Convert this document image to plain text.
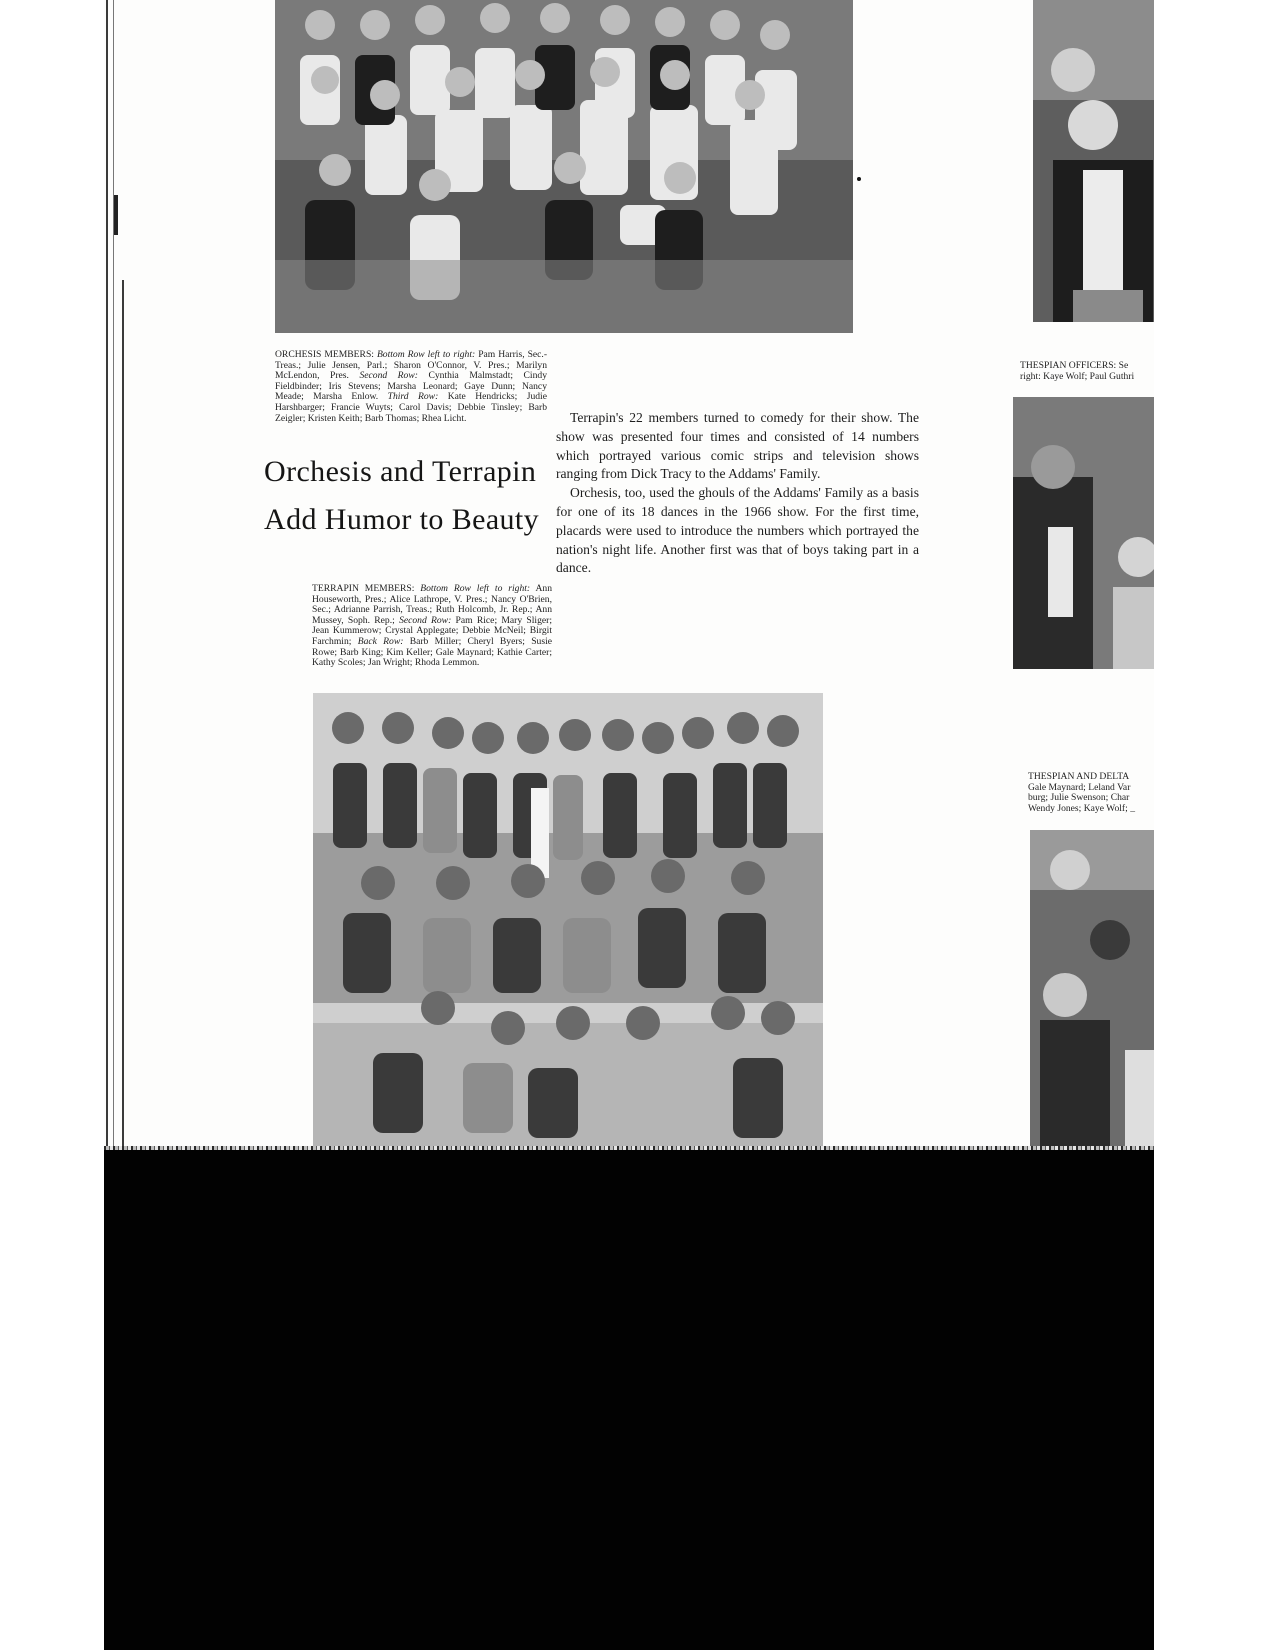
ORCHESIS MEMBERS: Bottom Row left to right: Pam Harris, Sec.-Treas.; Julie Jensen, Parl.; Sharon O'Connor, V. Pres.; Marilyn McLendon, Pres. Second Row: Cynthia Malmstadt; Cindy Fieldbinder; Iris Stevens; Marsha Leonard; Gaye Dunn; Nancy Meade; Marsha Enlow. Third Row: Kate Hendricks; Judie Harshbarger; Francie Wuyts; Carol Davis; Debbie Tinsley; Barb Zeigler; Kristen Keith; Barb Thomas; Rhea Licht.
Orchesis and Terrapin
Add Humor to Beauty

Terrapin's 22 members turned to comedy for their show. The show was presented four times and consisted of 14 numbers which portrayed various comic strips and television shows ranging from Dick Tracy to the Addams' Family.

Orchesis, too, used the ghouls of the Addams' Family as a basis for one of its 18 dances in the 1966 show. For the first time, placards were used to introduce the numbers which portrayed the nation's night life. Another first was that of boys taking part in a dance.

TERRAPIN MEMBERS: Bottom Row left to right: Ann Houseworth, Pres.; Alice Lathrope, V. Pres.; Nancy O'Brien, Sec.; Adrianne Parrish, Treas.; Ruth Holcomb, Jr. Rep.; Ann Mussey, Soph. Rep.; Second Row: Pam Rice; Mary Sliger; Jean Kummerow; Crystal Applegate; Debbie McNeil; Birgit Farchmin; Back Row: Barb Miller; Cheryl Byers; Susie Rowe; Barb King; Kim Keller; Gale Maynard; Kathie Carter; Kathy Scoles; Jan Wright; Rhoda Lemmon.
THESPIAN OFFICERS: Se
right: Kaye Wolf; Paul Guthri
THESPIAN AND DELTA
Gale Maynard; Leland Var
burg; Julie Swenson; Char
Wendy Jones; Kaye Wolf; _
